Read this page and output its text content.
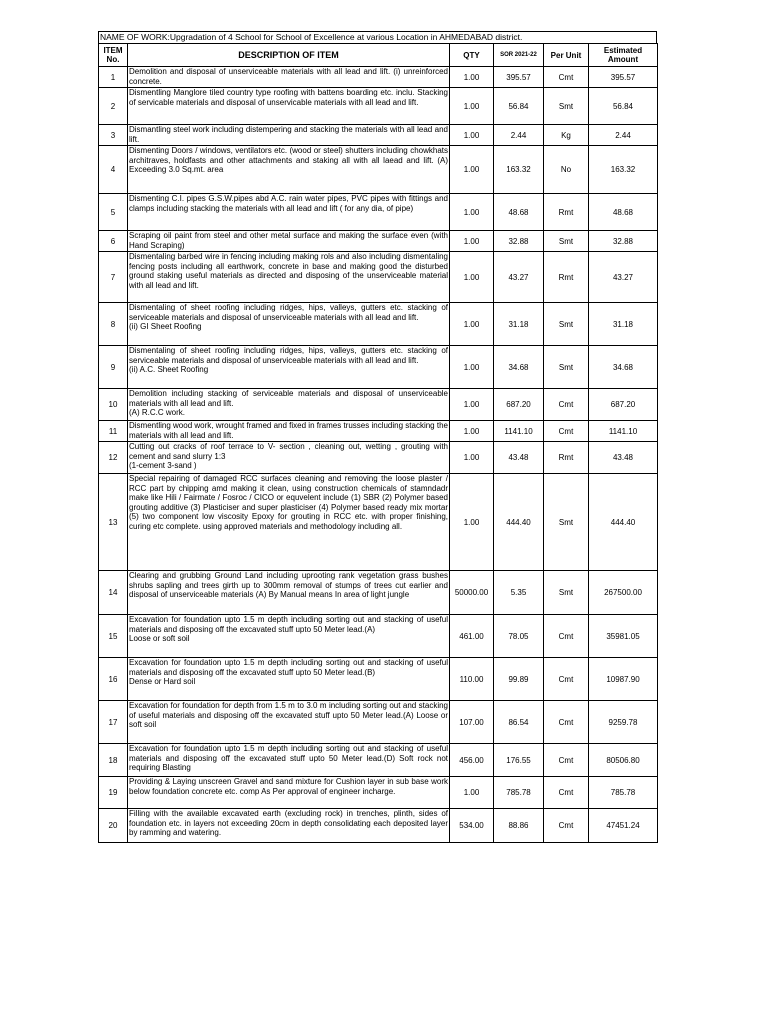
NAME OF WORK:Upgradation of 4 School for School of Excellence at various Location in AHMEDABAD district.
ITEM No.	DESCRIPTION OF ITEM	QTY	SOR 2021-22	Per Unit	Estimated Amount
1	Demolition and disposal of unserviceable materials with all lead and lift. (i) unreinforced concrete.	1.00	395.57	Cmt	395.57
2	Dismentling Manglore tiled country type roofing with battens boarding etc. inclu. Stacking of servicable materials and disposal of unservicable materials with all lead and lift.	1.00	56.84	Smt	56.84
3	Dismantling steel work including distempering and stacking the materials with all lead and lift.	1.00	2.44	Kg	2.44
4	Dismenting Doors / windows, ventilators etc. (wood or steel) shutters including chowkhats architraves, holdfasts and other attachments and staking all with all laead and lift. (A) Exceeding 3.0 Sq.mt. area	1.00	163.32	No	163.32
5	Dismenting C.I. pipes G.S.W.pipes abd A.C. rain water pipes, PVC pipes with fittings and clamps including stacking the materials with all lead and lift ( for any dia, of pipe)	1.00	48.68	Rmt	48.68
6	Scraping oil paint from steel and other metal surface and making the surface even (with Hand Scraping)	1.00	32.88	Smt	32.88
7	Dismentaling barbed wire in fencing including making rols and also including dismentaling fencing posts including all earthwork, concrete in base and making good the disturbed ground staking useful materials as directed and disposing of the unserviceable material with all lead and lift.	1.00	43.27	Rmt	43.27
8	Dismentaling of sheet roofing including ridges, hips, valleys, gutters etc. stacking of serviceable materials and disposal of unserviceable materials with all lead and lift.
(ii) GI Sheet Roofing	1.00	31.18	Smt	31.18
9	Dismentaling of sheet roofing including ridges, hips, valleys, gutters etc. stacking of serviceable materials and disposal of unserviceable materials with all lead and lift.
(ii) A.C. Sheet Roofing	1.00	34.68	Smt	34.68
10	Demolition including stacking of serviceable materials and disposal of unserviceable materials with all lead and lift.
(A) R.C.C work.	1.00	687.20	Cmt	687.20
11	Dismentling wood work, wrought framed and fixed in frames trusses including stacking the materials with all lead and lift.	1.00	1141.10	Cmt	1141.10
12	Cutting out cracks of roof terrace to V- section , cleaning out, wetting , grouting with cement and sand slurry 1:3
(1-cement 3-sand )	1.00	43.48	Rmt	43.48
13	Special repairing of damaged RCC surfaces cleaning and removing the loose plaster / RCC part by chipping amd making it clean, using construction chemicals of stamndadr make like Hili / Fairmate / Fosroc / CICO or equvelent include (1) SBR (2) Polymer based grouting additive (3) Plasticiser and super plasticiser (4) Polymer based ready mix mortar (5) two component low viscosity Epoxy for grouting in RCC etc. with proper finishing, curing etc complete. using approved materials and methodology including all.	1.00	444.40	Smt	444.40
14	Clearing and grubbing Ground Land including uprooting rank vegetation grass bushes shrubs sapling and trees girth up to 300mm removal of stumps of trees cut earlier and disposal of unserviceable materials (A) By Manual means In area of light jungle	50000.00	5.35	Smt	267500.00
15	Excavation for foundation upto 1.5 m depth including sorting out and stacking of useful materials and disposing off the excavated stuff upto 50 Meter lead.(A)
Loose or soft soil	461.00	78.05	Cmt	35981.05
16	Excavation for foundation upto 1.5 m depth including sorting out and stacking of useful materials and disposing off the excavated stuff upto 50 Meter lead.(B)
Dense or Hard soil	110.00	99.89	Cmt	10987.90
17	Excavation for foundation for depth from 1.5 m to 3.0 m including sorting out and stacking of useful materials and disposing off the excavated stuff upto 50 Meter lead.(A) Loose or soft soil	107.00	86.54	Cmt	9259.78
18	Excavation for foundation upto 1.5 m depth including sorting out and stacking of useful materials and disposing off the excavated stuff upto 50 Meter lead.(D) Soft rock not requiring Blasting	456.00	176.55	Cmt	80506.80
19	Providing & Laying unscreen Gravel and sand mixture for Cushion layer in sub base work below foundation concrete etc. comp As Per approval of engineer incharge.	1.00	785.78	Cmt	785.78
20	Filling with the available excavated earth (excluding rock) in trenches, plinth, sides of foundation etc. in layers not exceeding 20cm in depth consolidating each deposited layer by ramming and watering.	534.00	88.86	Cmt	47451.24
